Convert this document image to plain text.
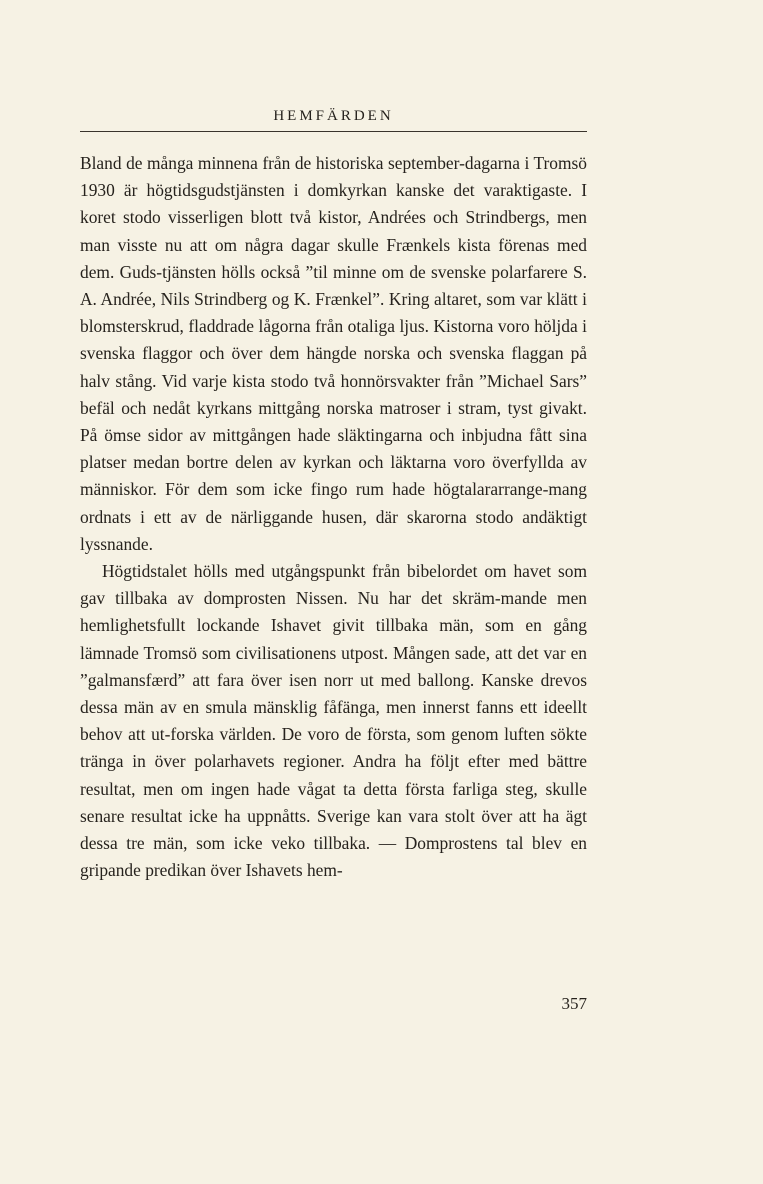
HEMFÄRDEN

Bland de många minnena från de historiska september-dagarna i Tromsö 1930 är högtidsgudstjänsten i domkyrkan kanske det varaktigaste. I koret stodo visserligen blott två kistor, Andrées och Strindbergs, men man visste nu att om några dagar skulle Frænkels kista förenas med dem. Guds-tjänsten hölls också ”til minne om de svenske polarfarere S. A. Andrée, Nils Strindberg og K. Frænkel”. Kring altaret, som var klätt i blomsterskrud, fladdrade lågorna från otaliga ljus. Kistorna voro höljda i svenska flaggor och över dem hängde norska och svenska flaggan på halv stång. Vid varje kista stodo två honnörsvakter från ”Michael Sars” befäl och nedåt kyrkans mittgång norska matroser i stram, tyst givakt. På ömse sidor av mittgången hade släktingarna och inbjudna fått sina platser medan bortre delen av kyrkan och läktarna voro överfyllda av människor. För dem som icke fingo rum hade högtalararrange-mang ordnats i ett av de närliggande husen, där skarorna stodo andäktigt lyssnande.

Högtidstalet hölls med utgångspunkt från bibelordet om havet som gav tillbaka av domprosten Nissen. Nu har det skräm-mande men hemlighetsfullt lockande Ishavet givit tillbaka män, som en gång lämnade Tromsö som civilisationens utpost. Mången sade, att det var en ”galmansfærd” att fara över isen norr ut med ballong. Kanske drevos dessa män av en smula mänsklig fåfänga, men innerst fanns ett ideellt behov att ut-forska världen. De voro de första, som genom luften sökte tränga in över polarhavets regioner. Andra ha följt efter med bättre resultat, men om ingen hade vågat ta detta första farliga steg, skulle senare resultat icke ha uppnåtts. Sverige kan vara stolt över att ha ägt dessa tre män, som icke veko tillbaka. — Domprostens tal blev en gripande predikan över Ishavets hem-

357
